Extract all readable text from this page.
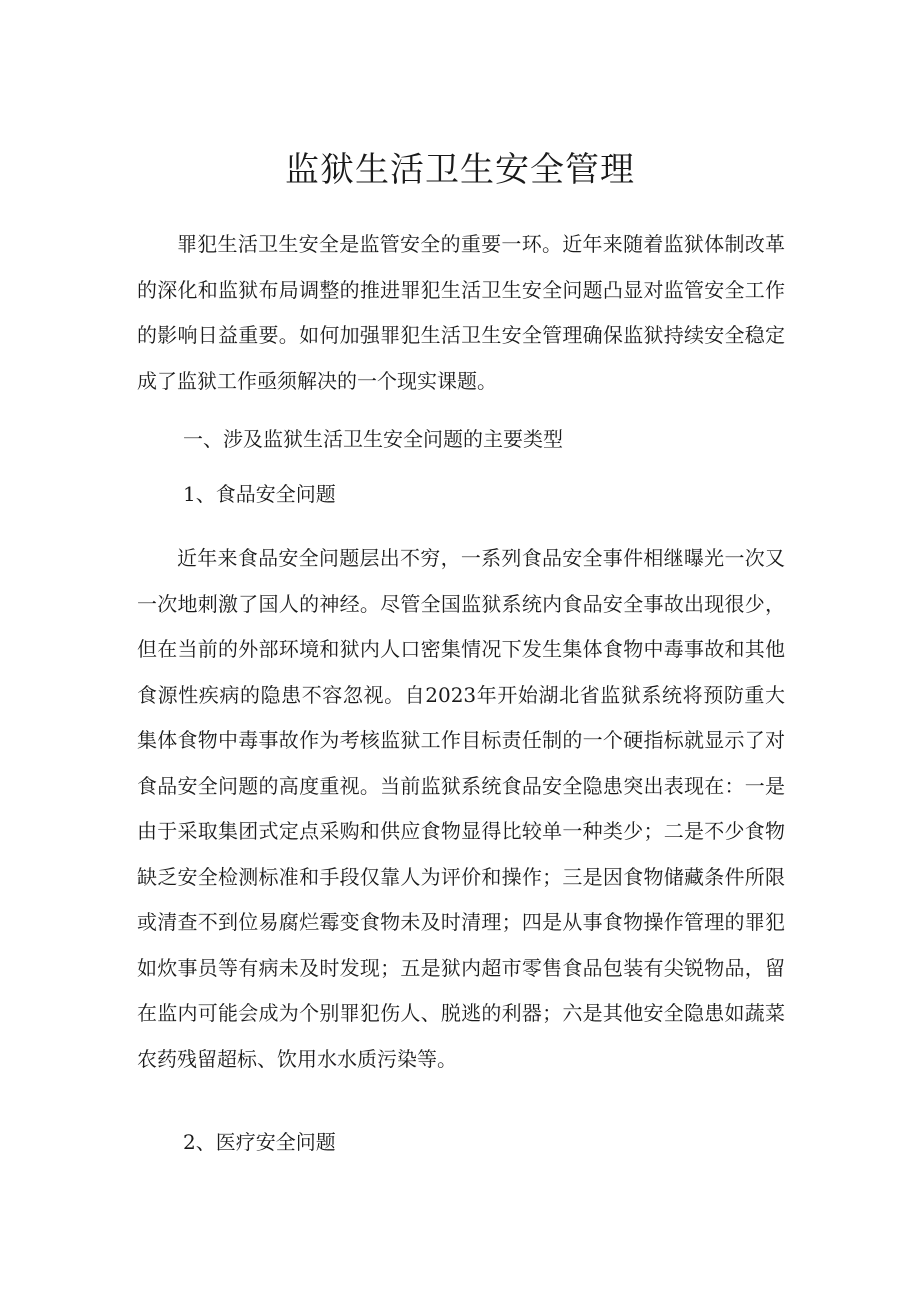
监狱生活卫生安全管理

罪犯生活卫生安全是监管安全的重要一环。近年来随着监狱体制改革的深化和监狱布局调整的推进罪犯生活卫生安全问题凸显对监管安全工作的影响日益重要。如何加强罪犯生活卫生安全管理确保监狱持续安全稳定成了监狱工作亟须解决的一个现实课题。

一、涉及监狱生活卫生安全问题的主要类型

1、食品安全问题

近年来食品安全问题层出不穷，一系列食品安全事件相继曝光一次又一次地刺激了国人的神经。尽管全国监狱系统内食品安全事故出现很少，但在当前的外部环境和狱内人口密集情况下发生集体食物中毒事故和其他食源性疾病的隐患不容忽视。自2023年开始湖北省监狱系统将预防重大集体食物中毒事故作为考核监狱工作目标责任制的一个硬指标就显示了对食品安全问题的高度重视。当前监狱系统食品安全隐患突出表现在：一是由于采取集团式定点采购和供应食物显得比较单一种类少；二是不少食物缺乏安全检测标准和手段仅靠人为评价和操作；三是因食物储藏条件所限或清查不到位易腐烂霉变食物未及时清理；四是从事食物操作管理的罪犯如炊事员等有病未及时发现；五是狱内超市零售食品包装有尖锐物品，留在监内可能会成为个别罪犯伤人、脱逃的利器；六是其他安全隐患如蔬菜农药残留超标、饮用水水质污染等。

2、医疗安全问题
